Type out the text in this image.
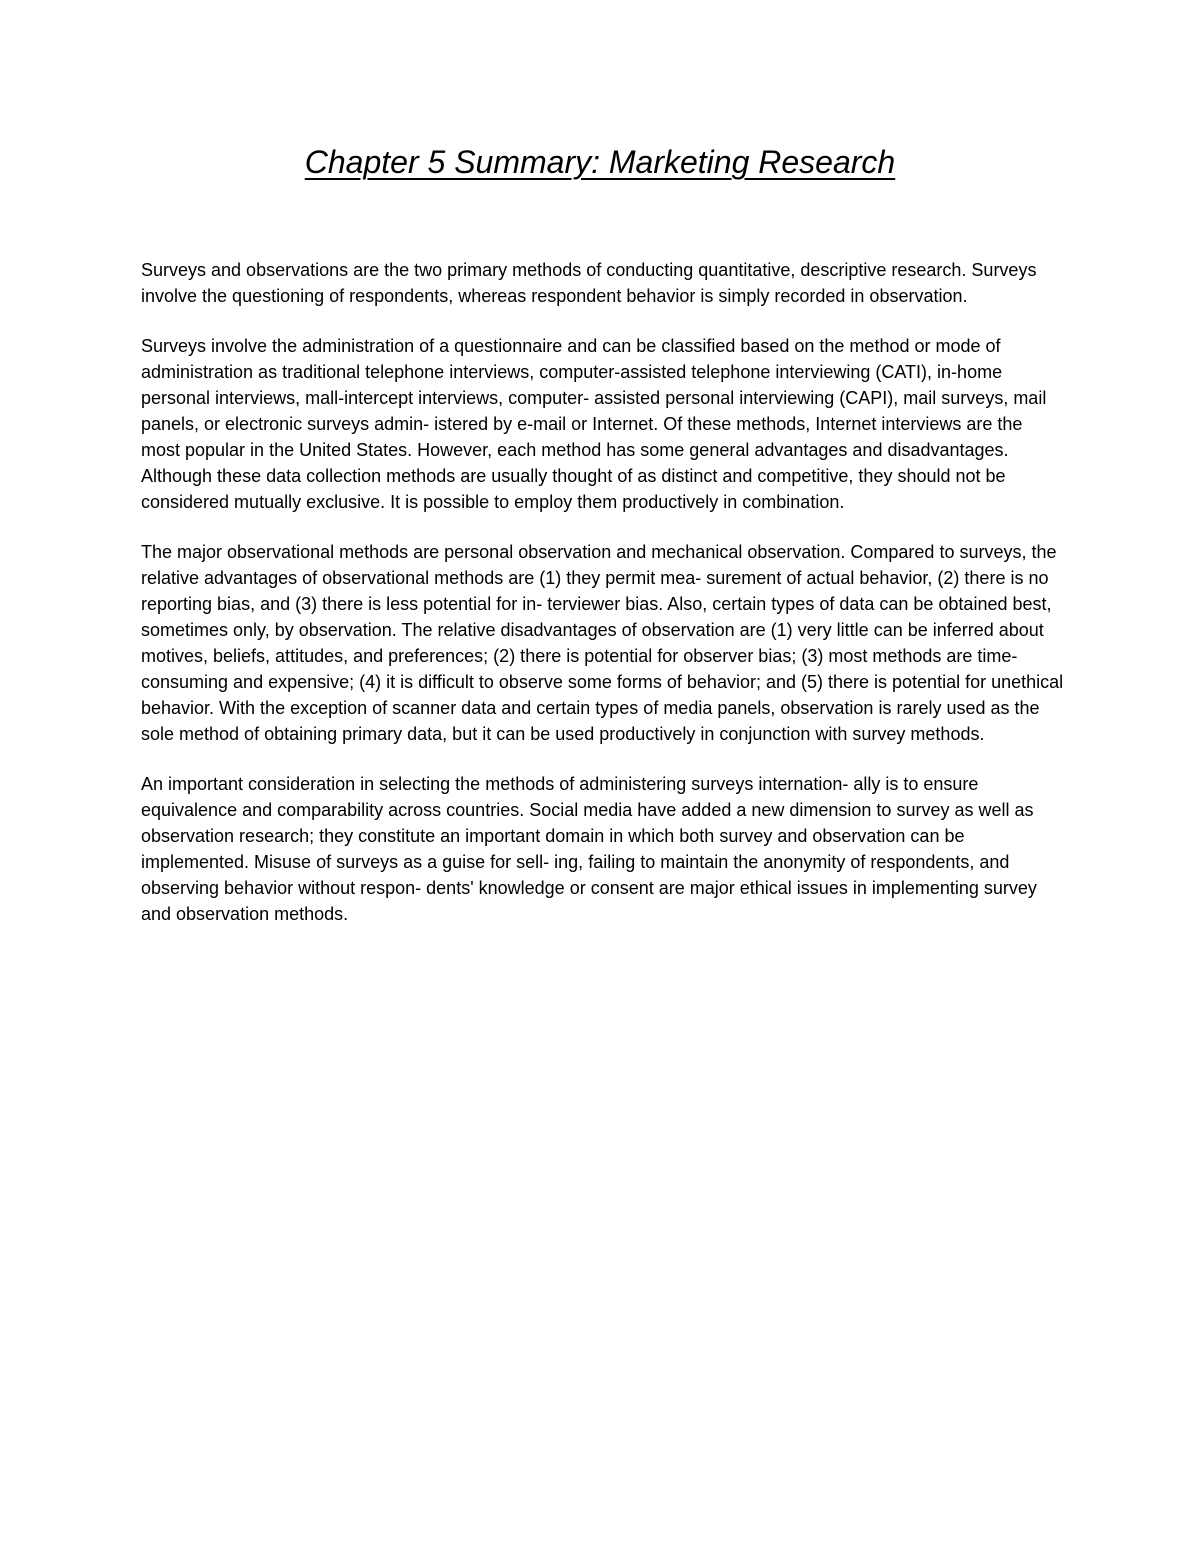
Chapter 5 Summary: Marketing Research

Surveys and observations are the two primary methods of conducting quantitative, descriptive research. Surveys involve the questioning of respondents, whereas respondent behavior is simply recorded in observation.

Surveys involve the administration of a questionnaire and can be classified based on the method or mode of administration as traditional telephone interviews, computer-assisted telephone interviewing (CATI), in-home personal interviews, mall-intercept interviews, computer- assisted personal interviewing (CAPI), mail surveys, mail panels, or electronic surveys admin- istered by e-mail or Internet. Of these methods, Internet interviews are the most popular in the United States. However, each method has some general advantages and disadvantages. Although these data collection methods are usually thought of as distinct and competitive, they should not be considered mutually exclusive. It is possible to employ them productively in combination.

The major observational methods are personal observation and mechanical observation. Compared to surveys, the relative advantages of observational methods are (1) they permit mea- surement of actual behavior, (2) there is no reporting bias, and (3) there is less potential for in- terviewer bias. Also, certain types of data can be obtained best, sometimes only, by observation. The relative disadvantages of observation are (1) very little can be inferred about motives, beliefs, attitudes, and preferences; (2) there is potential for observer bias; (3) most methods are time- consuming and expensive; (4) it is difficult to observe some forms of behavior; and (5) there is potential for unethical behavior. With the exception of scanner data and certain types of media panels, observation is rarely used as the sole method of obtaining primary data, but it can be used productively in conjunction with survey methods.

An important consideration in selecting the methods of administering surveys internation- ally is to ensure equivalence and comparability across countries. Social media have added a new dimension to survey as well as observation research; they constitute an important domain in which both survey and observation can be implemented. Misuse of surveys as a guise for sell- ing, failing to maintain the anonymity of respondents, and observing behavior without respon- dents' knowledge or consent are major ethical issues in implementing survey and observation methods.
